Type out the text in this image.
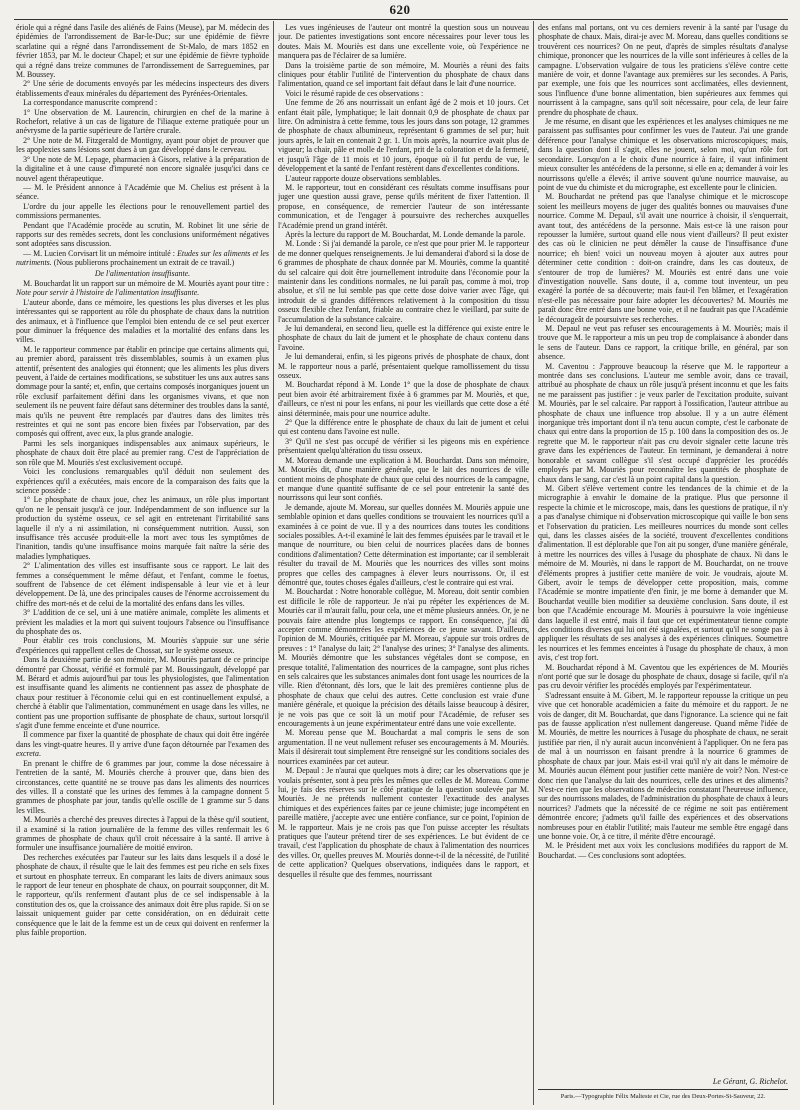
620

ériole qui a régné dans l'asile des aliénés de Fains (Meuse), par M. médecin des épidémies de l'arrondissement de Bar-le-Duc; sur une épidémie de fièvre scarlatine qui a régné dans l'arrondissement de St-Malo, de mars 1852 en février 1853, par M. le docteur Chapel; et sur une épidémie de fièvre typhoïde qui a régné dans treize communes de l'arrondissement de Sarreguemines, par M. Boussey.

2° Une série de documents envoyés par les médecins inspecteurs des divers établissements d'eaux minérales du département des Pyrénées-Orientales.

La correspondance manuscrite comprend :

1° Une observation de M. Laurencin, chirurgien en chef de la marine à Rochefort, relative à un cas de ligature de l'iliaque externe pratiquée pour un anévrysme de la partie supérieure de l'artère crurale.

2° Une note de M. Fitzgerald de Montigny, ayant pour objet de prouver que les apoplexies sans lésions sont dues à un gaz développé dans le cerveau.

3° Une note de M. Lepage, pharmacien à Gisors, relative à la préparation de la digitaline et à une cause d'impureté non encore signalée jusqu'ici dans ce nouvel agent thérapeutique.

— M. le Président annonce à l'Académie que M. Chelius est présent à la séance.

L'ordre du jour appelle les élections pour le renouvellement partiel des commissions permanentes.

Pendant que l'Académie procède au scrutin, M. Robinet lit une série de rapports sur des remèdes secrets, dont les conclusions uniformément négatives sont adoptées sans discussion.

— M. Lucien Corvisart lit un mémoire intitulé : Etudes sur les aliments et les nutriments. (Nous publierons prochainement un extrait de ce travail.)

De l'alimentation insuffisante.

M. Bouchardat lit un rapport sur un mémoire de M. Mouriès ayant pour titre : Note pour servir à l'histoire de l'alimentation insuffisante.

L'auteur aborde, dans ce mémoire, les questions les plus diverses et les plus intéressantes qui se rapportent au rôle du phosphate de chaux dans la nutrition des animaux, et à l'influence que l'emploi bien entendu de ce sel peut exercer pour diminuer la fréquence des maladies et la mortalité des enfans dans les villes.

M. le rapporteur commence par établir en principe que certains aliments qui, au premier abord, paraissent très dissemblables, soumis à un examen plus attentif, présentent des analogies qui étonnent; que les aliments les plus divers peuvent, à l'aide de certaines modifications, se substituer les uns aux autres sans dommage pour la santé; et, enfin, que certains composés inorganiques jouent un rôle exclusif parfaitement défini dans les organismes vivans, et que non seulement ils ne peuvent faire défaut sans déterminer des troubles dans la santé, mais qu'ils ne peuvent être remplacés par d'autres dans des limites très restreintes et qui ne sont pas encore bien fixées par l'observation, par des composés qui offrent, avec eux, la plus grande analogie.

Parmi les sels inorganiques indispensables aux animaux supérieurs, le phosphate de chaux doit être placé au premier rang. C'est de l'appréciation de son rôle que M. Mouriès s'est exclusivement occupé.

Voici les conclusions remarquables qu'il déduit non seulement des expériences qu'il a exécutées, mais encore de la comparaison des faits que la science possède :

1° Le phosphate de chaux joue, chez les animaux, un rôle plus important qu'on ne le pensait jusqu'à ce jour. Indépendamment de son influence sur la production du système osseux, ce sel agit en entretenant l'irritabilité sans laquelle il n'y a ni assimilation, ni conséquemment nutrition. Aussi, son insuffisance très accusée produit-elle la mort avec tous les symptômes de l'inanition, tandis qu'une insuffisance moins marquée fait naître la série des maladies lymphatiques.

2° L'alimentation des villes est insuffisante sous ce rapport. Le lait des femmes a conséquemment le même défaut, et l'enfant, comme le foetus, souffrent de l'absence de cet élément indispensable à leur vie et à leur développement. De là, une des principales causes de l'énorme accroissement du chiffre des mort-nés et de celui de la mortalité des enfans dans les villes.

3° L'addition de ce sel, uni à une matière animale, complète les aliments et prévient les maladies et la mort qui suivent toujours l'absence ou l'insuffisance du phosphate des os.

Pour établir ces trois conclusions, M. Mouriès s'appuie sur une série d'expériences qui rappellent celles de Chossat, sur le système osseux.

Dans la deuxième partie de son mémoire, M. Mouriès partant de ce principe démontré par Chossat, vérifié et formulé par M. Boussingault, développé par M. Bérard et admis aujourd'hui par tous les physiologistes, que l'alimentation est insuffisante quand les aliments ne contiennent pas assez de phosphate de chaux pour restituer à l'économie celui qui en est continuellement expulsé, a cherché à établir que l'alimentation, communément en usage dans les villes, ne contient pas une proportion suffisante de phosphate de chaux, surtout lorsqu'il s'agit d'une femme enceinte et d'une nourrice.

Il commence par fixer la quantité de phosphate de chaux qui doit être ingérée dans les vingt-quatre heures. Il y arrive d'une façon détournée par l'examen des excreta.

En prenant le chiffre de 6 grammes par jour, comme la dose nécessaire à l'entretien de la santé, M. Mouriès cherche à prouver que, dans bien des circonstances, cette quantité ne se trouve pas dans les aliments des nourrices des villes. Il a constaté que les urines des femmes à la campagne donnent 5 grammes de phosphate par jour, tandis qu'elle oscille de 1 gramme sur 5 dans les villes.

M. Mouriès a cherché des preuves directes à l'appui de la thèse qu'il soutient, il a examiné si la ration journalière de la femme des villes renfermait les 6 grammes de phosphate de chaux qu'il croit nécessaire à la santé. Il arrive à formuler une insuffisance journalière de moitié environ.

Des recherches exécutées par l'auteur sur les laits dans lesquels il a dosé le phosphate de chaux, il résulte que le lait des femmes est peu riche en sels fixes et surtout en phosphate terreux. En comparant les laits de divers animaux sous le rapport de leur teneur en phosphate de chaux, on pourrait soupçonner, dit M. le rapporteur, qu'ils renferment d'autant plus de ce sel indispensable à la constitution des os, que la croissance des animaux doit être plus rapide. Si on se laissait uniquement guider par cette considération, on en déduirait cette conséquence que le lait de la femme est un de ceux qui doivent en renfermer la plus faible proportion.

Les vues ingénieuses de l'auteur ont montré la question sous un nouveau jour. De patientes investigations sont encore nécessaires pour lever tous les doutes. Mais M. Mouriès est dans une excellente voie, où l'expérience ne manquera pas de l'éclairer de sa lumière.

Dans la troisième partie de son mémoire, M. Mouriès a réuni des faits cliniques pour établir l'utilité de l'intervention du phosphate de chaux dans l'alimentation, quand ce sel important fait défaut dans le lait d'une nourrice.

Voici le résumé rapide de ces observations :

Une femme de 26 ans nourrissait un enfant âgé de 2 mois et 10 jours. Cet enfant était pâle, lymphatique; le lait donnait 0,9 de phosphate de chaux par litre. On administra à cette femme, tous les jours dans son potage, 12 grammes de phosphate de chaux albumineux, représentant 6 grammes de sel pur; huit jours après, le lait en contenait 2 gr. 1. Un mois après, la nourrice avait plus de vigueur; la chair, pâle et molle de l'enfant, prit de la coloration et de la fermeté, et jusqu'à l'âge de 11 mois et 10 jours, époque où il fut perdu de vue, le développement et la santé de l'enfant restèrent dans d'excellentes conditions.

L'auteur rapporte douze observations semblables.

M. le rapporteur, tout en considérant ces résultats comme insuffisans pour juger une question aussi grave, pense qu'ils méritent de fixer l'attention. Il propose, en conséquence, de remercier l'auteur de son intéressante communication, et de l'engager à poursuivre des recherches auxquelles l'Académie prend un grand intérêt.

Après la lecture du rapport de M. Bouchardat, M. Londe demande la parole.

M. Londe : Si j'ai demandé la parole, ce n'est que pour prier M. le rapporteur de me donner quelques renseignements. Je lui demanderai d'abord si la dose de 6 grammes de phosphate de chaux donnée par M. Mouriès, comme la quantité du sel calcaire qui doit être journellement introduite dans l'économie pour la maintenir dans les conditions normales, ne lui paraît pas, comme à moi, trop absolue, et s'il ne lui semble pas que cette dose doive varier avec l'âge, qui introduit de si grandes différences relativement à la composition du tissu osseux flexible chez l'enfant, friable au contraire chez le vieillard, par suite de l'accumulation de la substance calcaire.

Je lui demanderai, en second lieu, quelle est la différence qui existe entre le phosphate de chaux du lait de jument et le phosphate de chaux contenu dans l'avoine.

Je lui demanderai, enfin, si les pigeons privés de phosphate de chaux, dont M. le rapporteur nous a parlé, présentaient quelque ramollissement du tissu osseux.

M. Bouchardat répond à M. Londe 1° que la dose de phosphate de chaux peut bien avoir été arbitrairement fixée à 6 grammes par M. Mouriès, et que, d'ailleurs, ce n'est ni pour les enfans, ni pour les vieillards que cette dose a été ainsi déterminée, mais pour une nourrice adulte.

2° Que la différence entre le phosphate de chaux du lait de jument et celui qui est contenu dans l'avoine est nulle.

3° Qu'il ne s'est pas occupé de vérifier si les pigeons mis en expérience présentaient quelqu'altération du tissu osseux.

M. Moreau demande une explication à M. Bouchardat. Dans son mémoire, M. Mouriès dit, d'une manière générale, que le lait des nourrices de ville contient moins de phosphate de chaux que celui des nourrices de la campagne, et manque d'une quantité suffisante de ce sel pour entretenir la santé des nourrissons qui leur sont confiés.

Je demande, ajoute M. Moreau, sur quelles données M. Mouriès appuie une semblable opinion et dans quelles conditions se trouvaient les nourrices qu'il a examinées à ce point de vue. Il y a des nourrices dans toutes les conditions sociales possibles. A-t-il examiné le lait des femmes épuisées par le travail et le manque de nourriture, ou bien celui de nourrices placées dans de bonnes conditions d'alimentation? Cette détermination est importante; car il semblerait résulter du travail de M. Mouriès que les nourrices des villes sont moins propres que celles des campagnes à élever leurs nourrissons. Or, il est démontré que, toutes choses égales d'ailleurs, c'est le contraire qui est vrai.

M. Bouchardat : Notre honorable collègue, M. Moreau, doit sentir combien est difficile le rôle de rapporteur. Je n'ai pu répéter les expériences de M. Mouriès car il m'aurait fallu, pour cela, une et même plusieurs années. Or, je ne pouvais faire attendre plus longtemps ce rapport. En conséquence, j'ai dû accepter comme démontrées les expériences de ce jeune savant. D'ailleurs, l'opinion de M. Mouriès, critiquée par M. Moreau, s'appuie sur trois ordres de preuves : 1° l'analyse du lait; 2° l'analyse des urines; 3° l'analyse des aliments. M. Mouriès démontre que les substances végétales dont se compose, en presque totalité, l'alimentation des nourrices de la campagne, sont plus riches en sels calcaires que les substances animales dont font usage les nourrices de la ville. Rien d'étonnant, dès lors, que le lait des premières contienne plus de phosphate de chaux que celui des autres. Cette conclusion est vraie d'une manière générale, et quoique la précision des détails laisse beaucoup à désirer, je ne vois pas que ce soit là un motif pour l'Académie, de refuser ses encouragements à un jeune expérimentateur entré dans une voie excellente.

M. Moreau pense que M. Bouchardat a mal compris le sens de son argumentation. Il ne veut nullement refuser ses encouragements à M. Mouriès. Mais il désirerait tout simplement être renseigné sur les conditions sociales des nourrices examinées par cet auteur.

M. Depaul : Je n'aurai que quelques mots à dire; car les observations que je voulais présenter, sont à peu près les mêmes que celles de M. Moreau. Comme lui, je fais des réserves sur le côté pratique de la question soulevée par M. Mouriès. Je ne prétends nullement contester l'exactitude des analyses chimiques et des expériences faites par ce jeune chimiste; juge incompétent en pareille matière, j'accepte avec une entière confiance, sur ce point, l'opinion de M. le rapporteur. Mais je ne crois pas que l'on puisse accepter les résultats pratiques que l'auteur prétend tirer de ses expériences. Le but évident de ce travail, c'est l'application du phosphate de chaux à l'alimentation des nourrices des villes. Or, quelles preuves M. Mouriès donne-t-il de la nécessité, de l'utilité de cette application? Quelques observations, indiquées dans le rapport, et desquelles il résulte que des femmes, nourrissant

des enfans mal portans, ont vu ces derniers revenir à la santé par l'usage du phosphate de chaux. Mais, dirai-je avec M. Moreau, dans quelles conditions se trouvèrent ces nourrices? On ne peut, d'après de simples résultats d'analyse chimique, prononcer que les nourrices de la ville sont inférieures à celles de la campagne. L'observation vulgaire de tous les praticiens s'élève contre cette manière de voir, et donne l'avantage aux premières sur les secondes. A Paris, par exemple, une fois que les nourrices sont acclimatées, elles deviennent, sous l'influence d'une bonne alimentation, bien supérieures aux femmes qui nourrissent à la campagne, sans qu'il soit nécessaire, pour cela, de leur faire prendre du phosphate de chaux.

Je me résume, en disant que les expériences et les analyses chimiques ne me paraissent pas suffisantes pour confirmer les vues de l'auteur. J'ai une grande déférence pour l'analyse chimique et les observations microscopiques; mais, dans la question dont il s'agit, elles ne jouent, selon moi, qu'un rôle fort secondaire. Lorsqu'on a le choix d'une nourrice à faire, il vaut infiniment mieux consulter les antécédens de la personne, si elle en a; demander à voir les nourrissons qu'elle a élevés; il arrive souvent qu'une nourrice mauvaise, au point de vue du chimiste et du micrographe, est excellente pour le clinicien.

M. Bouchardat ne prétend pas que l'analyse chimique et le microscope soient les meilleurs moyens de juger des qualités bonnes ou mauvaises d'une nourrice. Comme M. Depaul, s'il avait une nourrice à choisir, il s'enquerrait, avant tout, des antécédens de la personne. Mais est-ce là une raison pour repousser la lumière, surtout quand elle nous vient d'ailleurs? Il peut exister des cas où le clinicien ne peut démêler la cause de l'insuffisance d'une nourrice; eh bien! voici un nouveau moyen à ajouter aux autres pour déterminer cette condition : doit-on craindre, dans les cas douteux, de s'entourer de trop de lumières? M. Mouriès est entré dans une voie d'investigation nouvelle. Sans doute, il a, comme tout inventeur, un peu exagéré la portée de sa découverte; mais faut-il l'en blâmer, et l'exagération n'est-elle pas nécessaire pour faire adopter les découvertes? M. Mouriès me paraît donc être entré dans une bonne voie, et il ne faudrait pas que l'Académie le décourageât de poursuivre ses recherches.

M. Depaul ne veut pas refuser ses encouragements à M. Mouriès; mais il trouve que M. le rapporteur a mis un peu trop de complaisance à abonder dans le sens de l'auteur. Dans ce rapport, la critique brille, en général, par son absence.

M. Caventou : J'approuve beaucoup la réserve que M. le rapporteur a montrée dans ses conclusions. L'auteur me semble avoir, dans ce travail, attribué au phosphate de chaux un rôle jusqu'à présent inconnu et que les faits ne me paraissent pas justifier : je veux parler de l'excitation produite, suivant M. Mouriès, par le sel calcaire. Par rapport à l'ossification, l'auteur attribue au phosphate de chaux une influence trop absolue. Il y a un autre élément inorganique très important dont il n'a tenu aucun compte, c'est le carbonate de chaux qui entre dans la proportion de 15 p. 100 dans la composition des os. Je regrette que M. le rapporteur n'ait pas cru devoir signaler cette lacune très grave dans les expériences de l'auteur. En terminant, je demanderai à notre honorable et savant collègue s'il s'est occupé d'apprécier les procédés employés par M. Mouriès pour reconnaître les quantités de phosphate de chaux dans le sang, car c'est là un point capital dans la question.

M. Gibert s'élève vertement contre les tendances de la chimie et de la micrographie à envahir le domaine de la pratique. Plus que personne il respecte la chimie et le microscope, mais, dans les questions de pratique, il n'y a pas d'analyse chimique ni d'observation microscopique qui vaille le bon sens et l'observation du praticien. Les meilleures nourrices du monde sont celles qui, dans les classes aisées de la société, trouvent d'excellentes conditions d'alimentation. Il est déplorable que l'on ait pu songer, d'une manière générale, à mettre les nourrices des villes à l'usage du phosphate de chaux. Ni dans le mémoire de M. Mouriès, ni dans le rapport de M. Bouchardat, on ne trouve d'éléments propres à justifier cette manière de voir. Je voudrais, ajoute M. Gibert, avoir le temps de développer cette proposition, mais, comme l'Académie se montre impatiente d'en finir, je me borne à demander que M. Bouchardat veuille bien modifier sa deuxième conclusion. Sans doute, il est bon que l'Académie encourage M. Mouriès à poursuivre la voie ingénieuse dans laquelle il est entré, mais il faut que cet expérimentateur tienne compte des conditions diverses qui lui ont été signalées, et surtout qu'il ne songe pas à appliquer les résultats de ses analyses à des expériences cliniques. Soumettre les nourrices et les femmes enceintes à l'usage du phosphate de chaux, à mon avis, c'est trop fort.

M. Bouchardat répond à M. Caventou que les expériences de M. Mouriès n'ont porté que sur le dosage du phosphate de chaux, dosage si facile, qu'il n'a pas cru devoir vérifier les procédés employés par l'expérimentateur.

S'adressant ensuite à M. Gibert, M. le rapporteur repousse la critique un peu vive que cet honorable académicien a faite du mémoire et du rapport. Je ne vois de danger, dit M. Bouchardat, que dans l'ignorance. La science qui ne fait pas de fausse application n'est nullement dangereuse. Quand même l'idée de M. Mouriès, de mettre les nourrices à l'usage du phosphate de chaux, ne serait justifiée par rien, il n'y aurait aucun inconvénient à l'appliquer. On ne fera pas de mal à un nourrisson en faisant prendre à la nourrice 6 grammes de phosphate de chaux par jour. Mais est-il vrai qu'il n'y ait dans le mémoire de M. Mouriès aucun élément pour justifier cette manière de voir? Non. N'est-ce donc rien que l'analyse du lait des nourrices, celle des urines et des aliments? N'est-ce rien que les observations de médecins constatant l'heureuse influence, sur des nourrissons malades, de l'administration du phosphate de chaux à leurs nourrices? J'admets que la nécessité de ce régime ne soit pas entièrement démontrée encore; j'admets qu'il faille des expériences et des observations nombreuses pour en établir l'utilité; mais l'auteur me semble être engagé dans une bonne voie. Or, à ce titre, il mérite d'être encouragé.

M. le Président met aux voix les conclusions modifiées du rapport de M. Bouchardat. — Ces conclusions sont adoptées.

Le Gérant, G. Richelot.
Paris.—Typographie Félix Malteste et Cie, rue des Deux-Portes-St-Sauveur, 22.
